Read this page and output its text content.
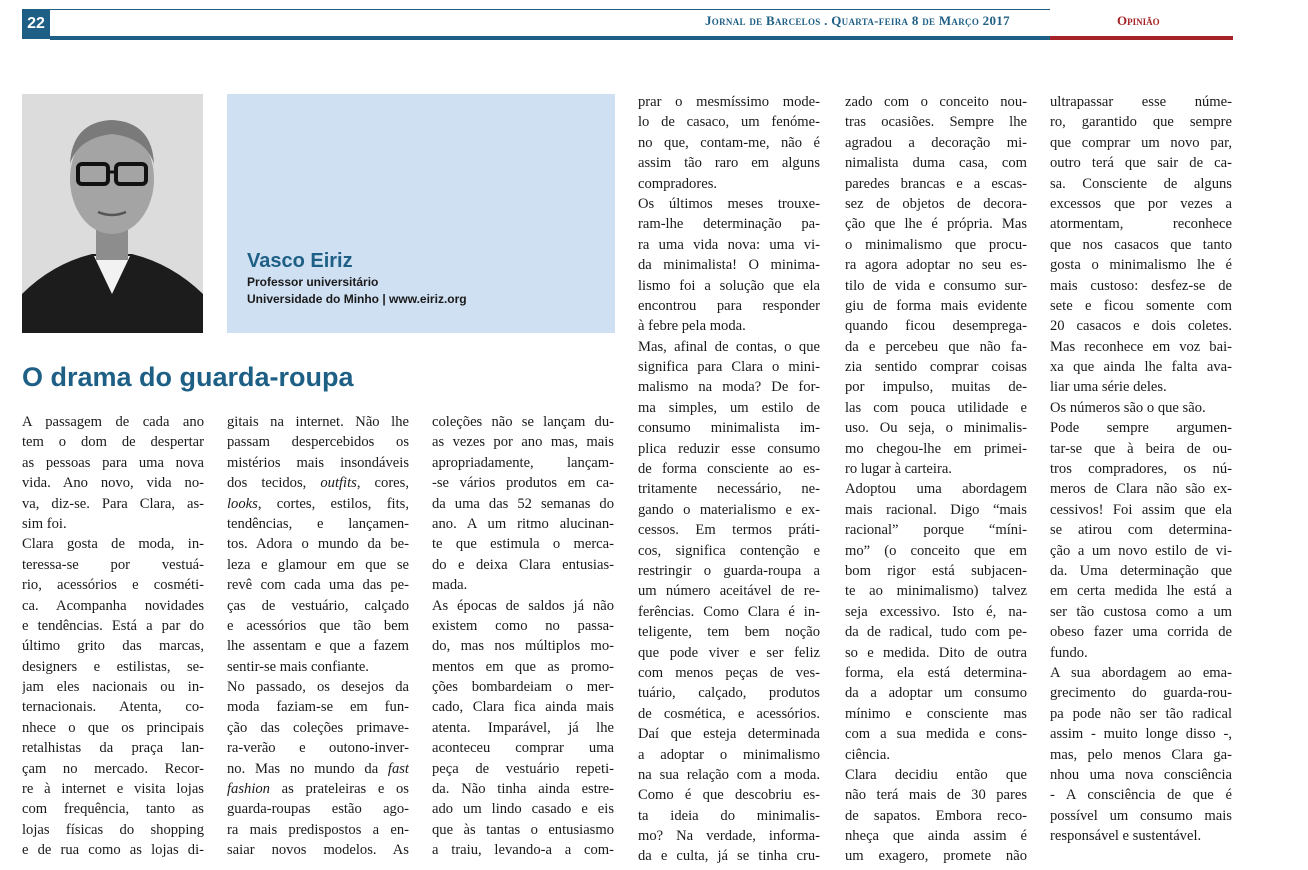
22	Jornal de Barcelos . Quarta-feira 8 de Março 2017	Opinião
Vasco Eiriz
Professor universitário
Universidade do Minho | www.eiriz.org
O drama do guarda-roupa
A passagem de cada ano
tem o dom de despertar
as pessoas para uma nova
vida. Ano novo, vida no-
va, diz-se. Para Clara, as-
sim foi.
Clara gosta de moda, in-
teressa-se por vestuá-
rio, acessórios e cosméti-
ca. Acompanha novidades
e tendências. Está a par do
último grito das marcas,
designers e estilistas, se-
jam eles nacionais ou in-
ternacionais. Atenta, co-
nhece o que os principais
retalhistas da praça lan-
çam no mercado. Recor-
re à internet e visita lojas
com frequência, tanto as
lojas físicas do shopping
e de rua como as lojas di-
gitais na internet. Não lhe
passam despercebidos os
mistérios mais insondáveis
dos tecidos, outfits, cores,
looks, cortes, estilos, fits,
tendências, e lançamen-
tos. Adora o mundo da be-
leza e glamour em que se
revê com cada uma das pe-
ças de vestuário, calçado
e acessórios que tão bem
lhe assentam e que a fazem
sentir-se mais confiante.
No passado, os desejos da
moda faziam-se em fun-
ção das coleções primave-
ra-verão e outono-inver-
no. Mas no mundo da fast
fashion as prateleiras e os
guarda-roupas estão ago-
ra mais predispostos a en-
saiar novos modelos. As
coleções não se lançam du-
as vezes por ano mas, mais
apropriadamente, lançam-
-se vários produtos em ca-
da uma das 52 semanas do
ano. A um ritmo alucinan-
te que estimula o merca-
do e deixa Clara entusias-
mada.
As épocas de saldos já não
existem como no passa-
do, mas nos múltiplos mo-
mentos em que as promo-
ções bombardeiam o mer-
cado, Clara fica ainda mais
atenta. Imparável, já lhe
aconteceu comprar uma
peça de vestuário repeti-
da. Não tinha ainda estre-
ado um lindo casado e eis
que às tantas o entusiasmo
a traiu, levando-a a com-
prar o mesmíssimo mode-
lo de casaco, um fenóme-
no que, contam-me, não é
assim tão raro em alguns
compradores.
Os últimos meses trouxe-
ram-lhe determinação pa-
ra uma vida nova: uma vi-
da minimalista! O minima-
lismo foi a solução que ela
encontrou para responder
à febre pela moda.
Mas, afinal de contas, o que
significa para Clara o mini-
malismo na moda? De for-
ma simples, um estilo de
consumo minimalista im-
plica reduzir esse consumo
de forma consciente ao es-
tritamente necessário, ne-
gando o materialismo e ex-
cessos. Em termos práti-
cos, significa contenção e
restringir o guarda-roupa a
um número aceitável de re-
ferências. Como Clara é in-
teligente, tem bem noção
que pode viver e ser feliz
com menos peças de ves-
tuário, calçado, produtos
de cosmética, e acessórios.
Daí que esteja determinada
a adoptar o minimalismo
na sua relação com a moda.
Como é que descobriu es-
ta ideia do minimalis-
mo? Na verdade, informa-
da e culta, já se tinha cru-
zado com o conceito nou-
tras ocasiões. Sempre lhe
agradou a decoração mi-
nimalista duma casa, com
paredes brancas e a escas-
sez de objetos de decora-
ção que lhe é própria. Mas
o minimalismo que procu-
ra agora adoptar no seu es-
tilo de vida e consumo sur-
giu de forma mais evidente
quando ficou desemprega-
da e percebeu que não fa-
zia sentido comprar coisas
por impulso, muitas de-
las com pouca utilidade e
uso. Ou seja, o minimalis-
mo chegou-lhe em primei-
ro lugar à carteira.
Adoptou uma abordagem
mais racional. Digo “mais
racional” porque “míni-
mo” (o conceito que em
bom rigor está subjacen-
te ao minimalismo) talvez
seja excessivo. Isto é, na-
da de radical, tudo com pe-
so e medida. Dito de outra
forma, ela está determina-
da a adoptar um consumo
mínimo e consciente mas
com a sua medida e cons-
ciência.
Clara decidiu então que
não terá mais de 30 pares
de sapatos. Embora reco-
nheça que ainda assim é
um exagero, promete não
ultrapassar esse núme-
ro, garantido que sempre
que comprar um novo par,
outro terá que sair de ca-
sa. Consciente de alguns
excessos que por vezes a
atormentam, reconhece
que nos casacos que tanto
gosta o minimalismo lhe é
mais custoso: desfez-se de
sete e ficou somente com
20 casacos e dois coletes.
Mas reconhece em voz bai-
xa que ainda lhe falta ava-
liar uma série deles.
Os números são o que são.
Pode sempre argumen-
tar-se que à beira de ou-
tros compradores, os nú-
meros de Clara não são ex-
cessivos! Foi assim que ela
se atirou com determina-
ção a um novo estilo de vi-
da. Uma determinação que
em certa medida lhe está a
ser tão custosa como a um
obeso fazer uma corrida de
fundo.
A sua abordagem ao ema-
grecimento do guarda-rou-
pa pode não ser tão radical
assim - muito longe disso -,
mas, pelo menos Clara ga-
nhou uma nova consciência
- A consciência de que é
possível um consumo mais
responsável e sustentável.
